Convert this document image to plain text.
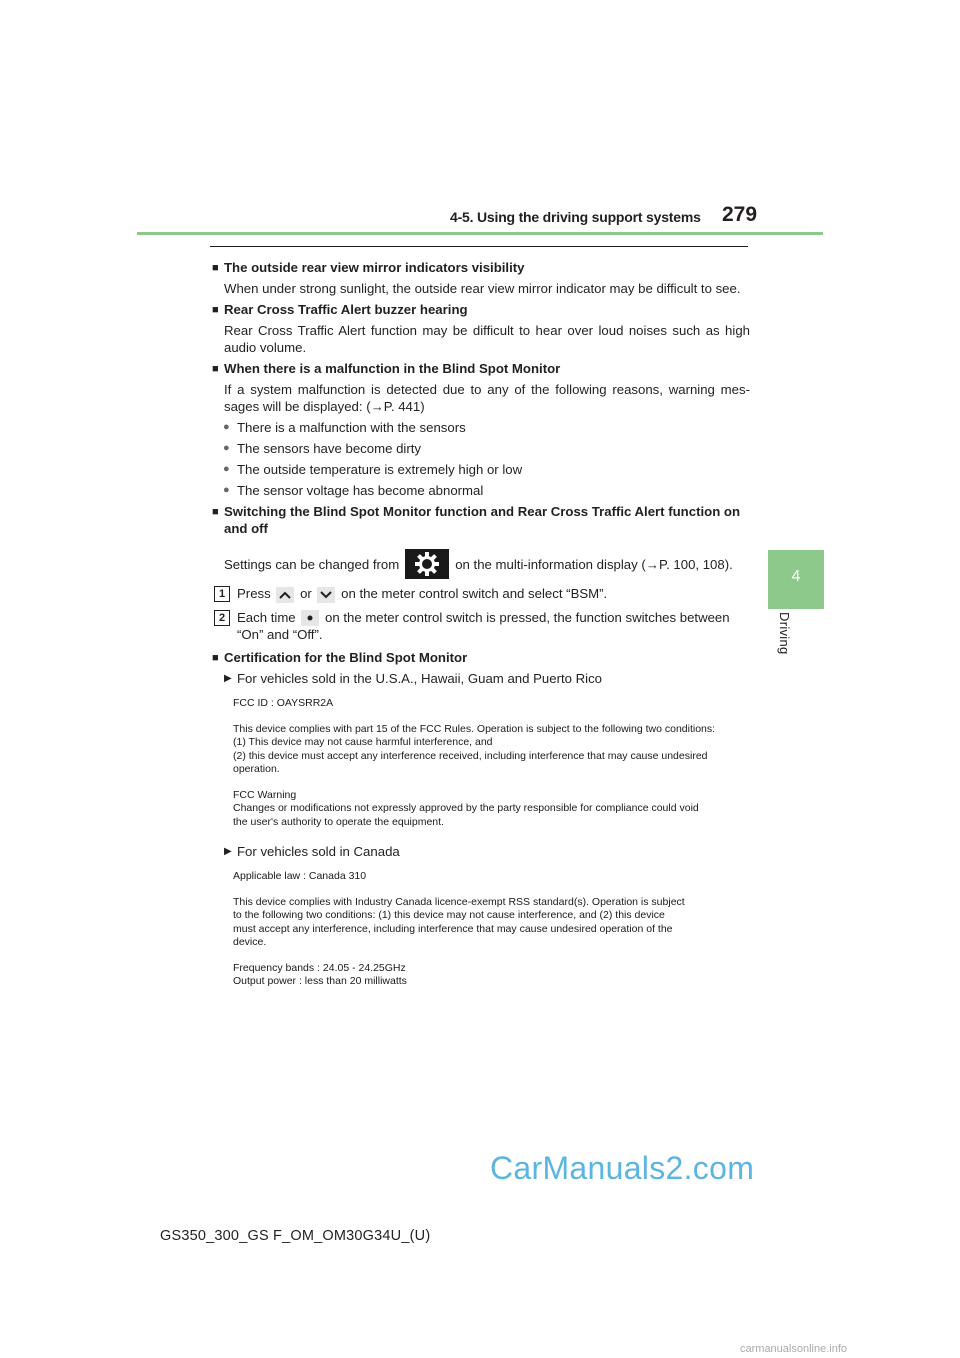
4-5. Using the driving support systems 279
4
Driving
■ The outside rear view mirror indicators visibility
When under strong sunlight, the outside rear view mirror indicator may be difficult to see.
■ Rear Cross Traffic Alert buzzer hearing
Rear Cross Traffic Alert function may be difficult to hear over loud noises such as high audio volume.
■ When there is a malfunction in the Blind Spot Monitor
If a system malfunction is detected due to any of the following reasons, warning mes-sages will be displayed: (→P. 441)
● There is a malfunction with the sensors
● The sensors have become dirty
● The outside temperature is extremely high or low
● The sensor voltage has become abnormal
■ Switching the Blind Spot Monitor function and Rear Cross Traffic Alert function on and off
Settings can be changed from	on the multi-information display (→P. 100, 108).
1 Press or on the meter control switch and select “BSM”.
2 Each time on the meter control switch is pressed, the function switches between “On” and “Off”.
■ Certification for the Blind Spot Monitor
▶ For vehicles sold in the U.S.A., Hawaii, Guam and Puerto Rico
FCC ID : OAYSRR2A
This device complies with part 15 of the FCC Rules. Operation is subject to the following two conditions:
(1) This device may not cause harmful interference, and
(2) this device must accept any interference received, including interference that may cause undesired
operation.
FCC Warning
Changes or modifications not expressly approved by the party responsible for compliance could void
the user's authority to operate the equipment.
▶ For vehicles sold in Canada
Applicable law : Canada 310
This device complies with Industry Canada licence-exempt RSS standard(s). Operation is subject
to the following two conditions: (1) this device may not cause interference, and (2) this device
must accept any interference, including interference that may cause undesired operation of the
device.
Frequency bands : 24.05 - 24.25GHz
Output power : less than 20 milliwatts
GS350_300_GS F_OM_OM30G34U_(U)
CarManuals2.com
carmanualsonline.info
